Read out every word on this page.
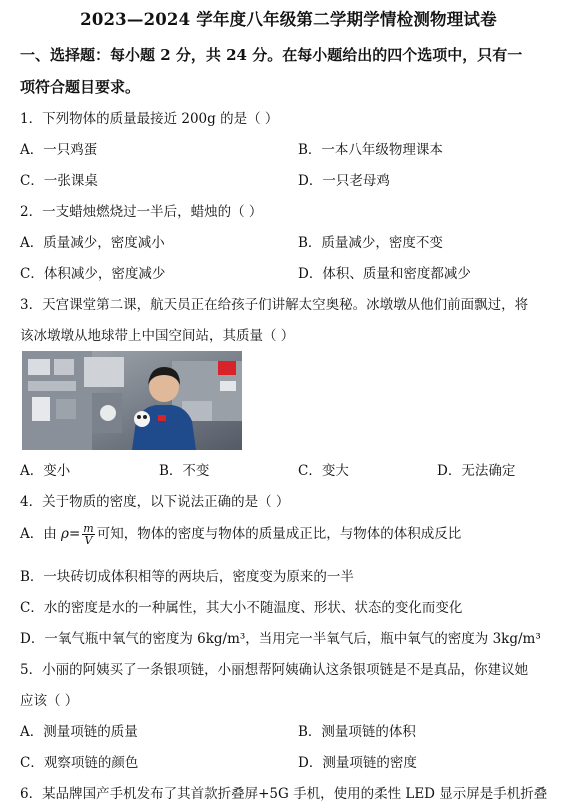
2023—2024 学年度八年级第二学期学情检测物理试卷
一、选择题：每小题 2 分，共 24 分。在每小题给出的四个选项中，只有一
项符合题目要求。
1．下列物体的质量最接近 200g 的是（ ）
A．一只鸡蛋	B．一本八年级物理课本
C．一张课桌	D．一只老母鸡
2．一支蜡烛燃烧过一半后，蜡烛的（ ）
A．质量减少，密度减小	B．质量减少，密度不变
C．体积减少，密度减少	D．体积、质量和密度都减少
3．天宫课堂第二课，航天员正在给孩子们讲解太空奥秘。冰墩墩从他们前面飘过，将
该冰墩墩从地球带上中国空间站，其质量（ ）
A．变小	B．不变	C．变大	D．无法确定
4．关于物质的密度，以下说法正确的是（ ）
A．由 $\rho= \frac{m}{V}$ 可知，物体的密度与物体的质量成正比，与物体的体积成反比
B．一块砖切成体积相等的两块后，密度变为原来的一半
C．水的密度是水的一种属性，其大小不随温度、形状、状态的变化而变化
D．一氧气瓶中氧气的密度为 6kg/m³，当用完一半氧气后，瓶中氧气的密度为 3kg/m³
5．小丽的阿姨买了一条银项链，小丽想帮阿姨确认这条银项链是不是真品，你建议她
应该（ ）
A．测量项链的质量	B．测量项链的体积
C．观察项链的颜色	D．测量项链的密度
6．某品牌国产手机发布了其首款折叠屏+5G 手机，使用的柔性 LED 显示屏是手机折叠
